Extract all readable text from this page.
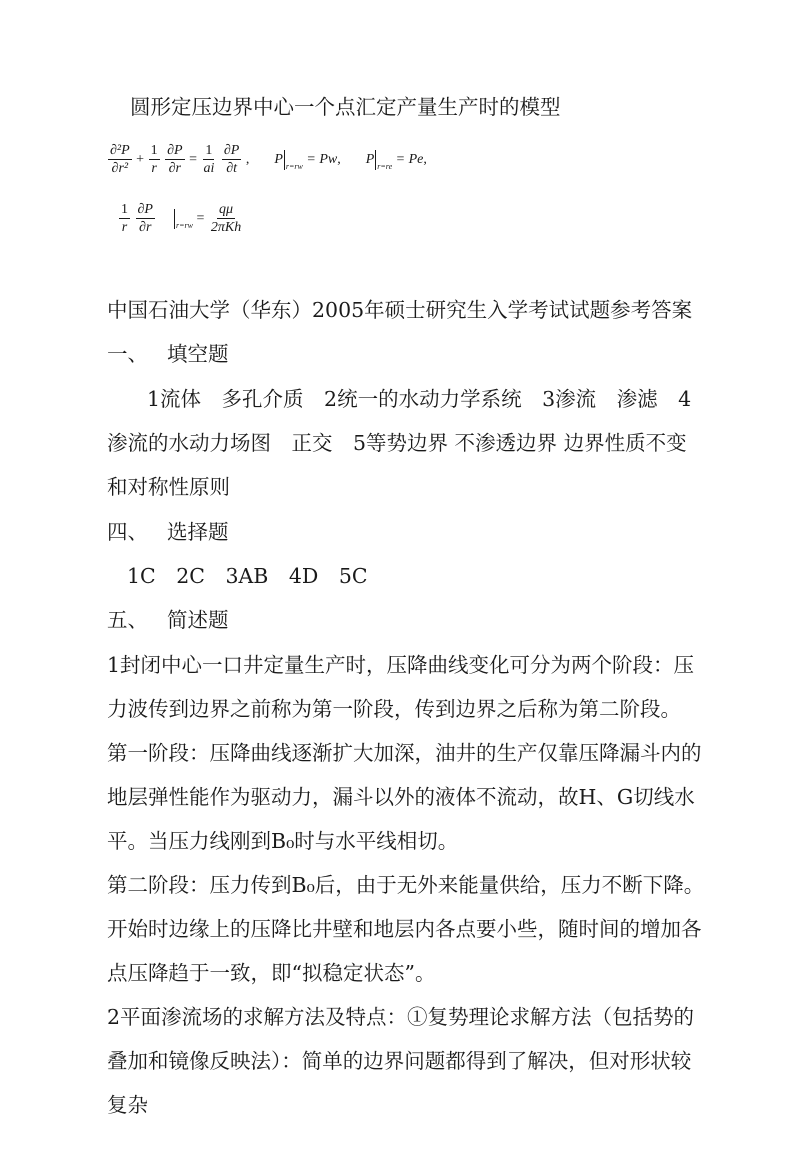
圆形定压边界中心一个点汇定产量生产时的模型
$\frac{\text{∂²P}}{\text{∂r²}} + \frac{1}{r}$
$\frac{\partial P}{\partial r} = \frac{1}{ai}$
$\frac{\partial P}{\partial t}$ , P $_{r=rw}$ = Pw, P $_{r=re}$ = Pe,
$\frac{1}{r}$
$\frac{\partial P}{\partial r}$	$_{r=rw} = \frac{q\mu}{\text{2πKh}}$
中国石油大学（华东）2005年硕士研究生入学考试试题参考答案
一、 填空题
1流体　多孔介质　2统一的水动力学系统　3渗流　渗滤　4渗流的水动力场图　正交　5等势边界 不渗透边界 边界性质不变和对称性原则
四、 选择题
1C　2C　3AB　4D　5C
五、 简述题
1封闭中心一口井定量生产时，压降曲线变化可分为两个阶段：压力波传到边界之前称为第一阶段，传到边界之后称为第二阶段。
第一阶段：压降曲线逐渐扩大加深，油井的生产仅靠压降漏斗内的地层弹性能作为驱动力，漏斗以外的液体不流动，故H、G切线水平。当压力线刚到B₀时与水平线相切。
第二阶段：压力传到B₀后，由于无外来能量供给，压力不断下降。开始时边缘上的压降比井壁和地层内各点要小些，随时间的增加各点压降趋于一致，即“拟稳定状态”。
2平面渗流场的求解方法及特点：①复势理论求解方法（包括势的叠加和镜像反映法）：简单的边界问题都得到了解决，但对形状较复杂
